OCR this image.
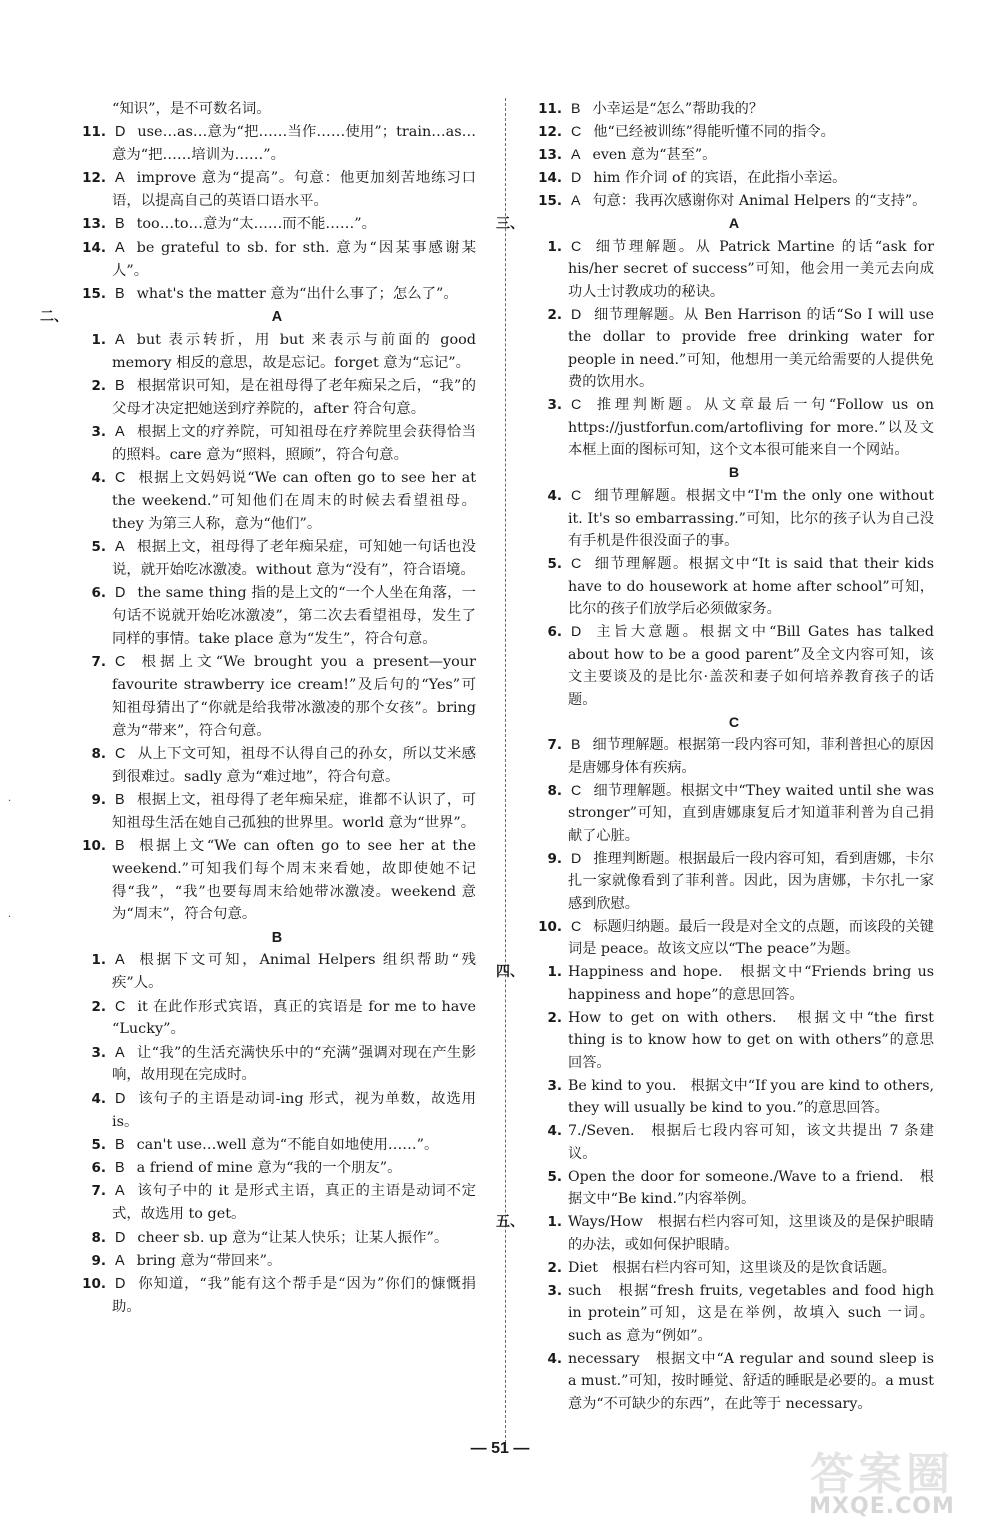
·
·
“知识”，是不可数名词。
11. D use…as…意为“把……当作……使用”；train…as…意为“把……培训为……”。
12. A improve 意为“提高”。句意：他更加刻苦地练习口语，以提高自己的英语口语水平。
13. B too…to…意为“太……而不能……”。
14. A be grateful to sb. for sth. 意为“因某事感谢某人”。
15. B what's the matter 意为“出什么事了；怎么了”。
二、	A
1. A but 表示转折，用 but 来表示与前面的 good memory 相反的意思，故是忘记。forget 意为“忘记”。
2. B 根据常识可知，是在祖母得了老年痴呆之后，“我”的父母才决定把她送到疗养院的，after 符合句意。
3. A 根据上文的疗养院，可知祖母在疗养院里会获得恰当的照料。care 意为“照料，照顾”，符合句意。
4. C 根据上文妈妈说“We can often go to see her at the weekend.”可知他们在周末的时候去看望祖母。they 为第三人称，意为“他们”。
5. A 根据上文，祖母得了老年痴呆症，可知她一句话也没说，就开始吃冰激凌。without 意为“没有”，符合语境。
6. D the same thing 指的是上文的“一个人坐在角落，一句话不说就开始吃冰激凌”，第二次去看望祖母，发生了同样的事情。take place 意为“发生”，符合句意。
7. C 根据上文“We brought you a present—your favourite strawberry ice cream!”及后句的“Yes”可知祖母猜出了“你就是给我带冰激凌的那个女孩”。bring 意为“带来”，符合句意。
8. C 从上下文可知，祖母不认得自己的孙女，所以艾米感到很难过。sadly 意为“难过地”，符合句意。
9. B 根据上文，祖母得了老年痴呆症，谁都不认识了，可知祖母生活在她自己孤独的世界里。world 意为“世界”。
10. B 根据上文“We can often go to see her at the weekend.”可知我们每个周末来看她，故即使她不记得“我”，“我”也要每周末给她带冰激凌。weekend 意为“周末”，符合句意。
B
1. A 根据下文可知，Animal Helpers 组织帮助“残疾”人。
2. C it 在此作形式宾语，真正的宾语是 for me to have “Lucky”。
3. A 让“我”的生活充满快乐中的“充满”强调对现在产生影响，故用现在完成时。
4. D 该句子的主语是动词-ing 形式，视为单数，故选用 is。
5. B can't use…well 意为“不能自如地使用……”。
6. B a friend of mine 意为“我的一个朋友”。
7. A 该句子中的 it 是形式主语，真正的主语是动词不定式，故选用 to get。
8. D cheer sb. up 意为“让某人快乐；让某人振作”。
9. A bring 意为“带回来”。
10. D 你知道，“我”能有这个帮手是“因为”你们的慷慨捐助。
11. B 小幸运是“怎么”帮助我的？
12. C 他“已经被训练”得能听懂不同的指令。
13. A even 意为“甚至”。
14. D him 作介词 of 的宾语，在此指小幸运。
15. A 句意：我再次感谢你对 Animal Helpers 的“支持”。
三、	A
1. C 细节理解题。从 Patrick Martine 的话“ask for his/her secret of success”可知，他会用一美元去向成功人士讨教成功的秘诀。
2. D 细节理解题。从 Ben Harrison 的话“So I will use the dollar to provide free drinking water for people in need.”可知，他想用一美元给需要的人提供免费的饮用水。
3. C 推理判断题。从文章最后一句“Follow us on https://justforfun.com/artofliving for more.”以及文本框上面的图标可知，这个文本很可能来自一个网站。
B
4. C 细节理解题。根据文中“I'm the only one without it. It's so embarrassing.”可知，比尔的孩子认为自己没有手机是件很没面子的事。
5. C 细节理解题。根据文中“It is said that their kids have to do housework at home after school”可知，比尔的孩子们放学后必须做家务。
6. D 主旨大意题。根据文中“Bill Gates has talked about how to be a good parent”及全文内容可知，该文主要谈及的是比尔·盖茨和妻子如何培养教育孩子的话题。
C
7. B 细节理解题。根据第一段内容可知，菲利普担心的原因是唐娜身体有疾病。
8. C 细节理解题。根据文中“They waited until she was stronger”可知，直到唐娜康复后才知道菲利普为自己捐献了心脏。
9. D 推理判断题。根据最后一段内容可知，看到唐娜，卡尔扎一家就像看到了菲利普。因此，因为唐娜，卡尔扎一家感到欣慰。
10. C 标题归纳题。最后一段是对全文的点题，而该段的关键词是 peace。故该文应以“The peace”为题。
四、	1. Happiness and hope.　根据文中“Friends bring us happiness and hope”的意思回答。
2. How to get on with others.　根据文中“the first thing is to know how to get on with others”的意思回答。
3. Be kind to you.　根据文中“If you are kind to others, they will usually be kind to you.”的意思回答。
4. 7./Seven.　根据后七段内容可知，该文共提出 7 条建议。
5. Open the door for someone./Wave to a friend.　根据文中“Be kind.”内容举例。
五、	1. Ways/How　根据右栏内容可知，这里谈及的是保护眼睛的办法，或如何保护眼睛。
2. Diet　根据右栏内容可知，这里谈及的是饮食话题。
3. such　根据“fresh fruits, vegetables and food high in protein”可知，这是在举例，故填入 such 一词。such as 意为“例如”。
4. necessary　根据文中“A regular and sound sleep is a must.”可知，按时睡觉、舒适的睡眠是必要的。a must 意为“不可缺少的东西”，在此等于 necessary。
— 51 —
答案圈
MXQE.COM
